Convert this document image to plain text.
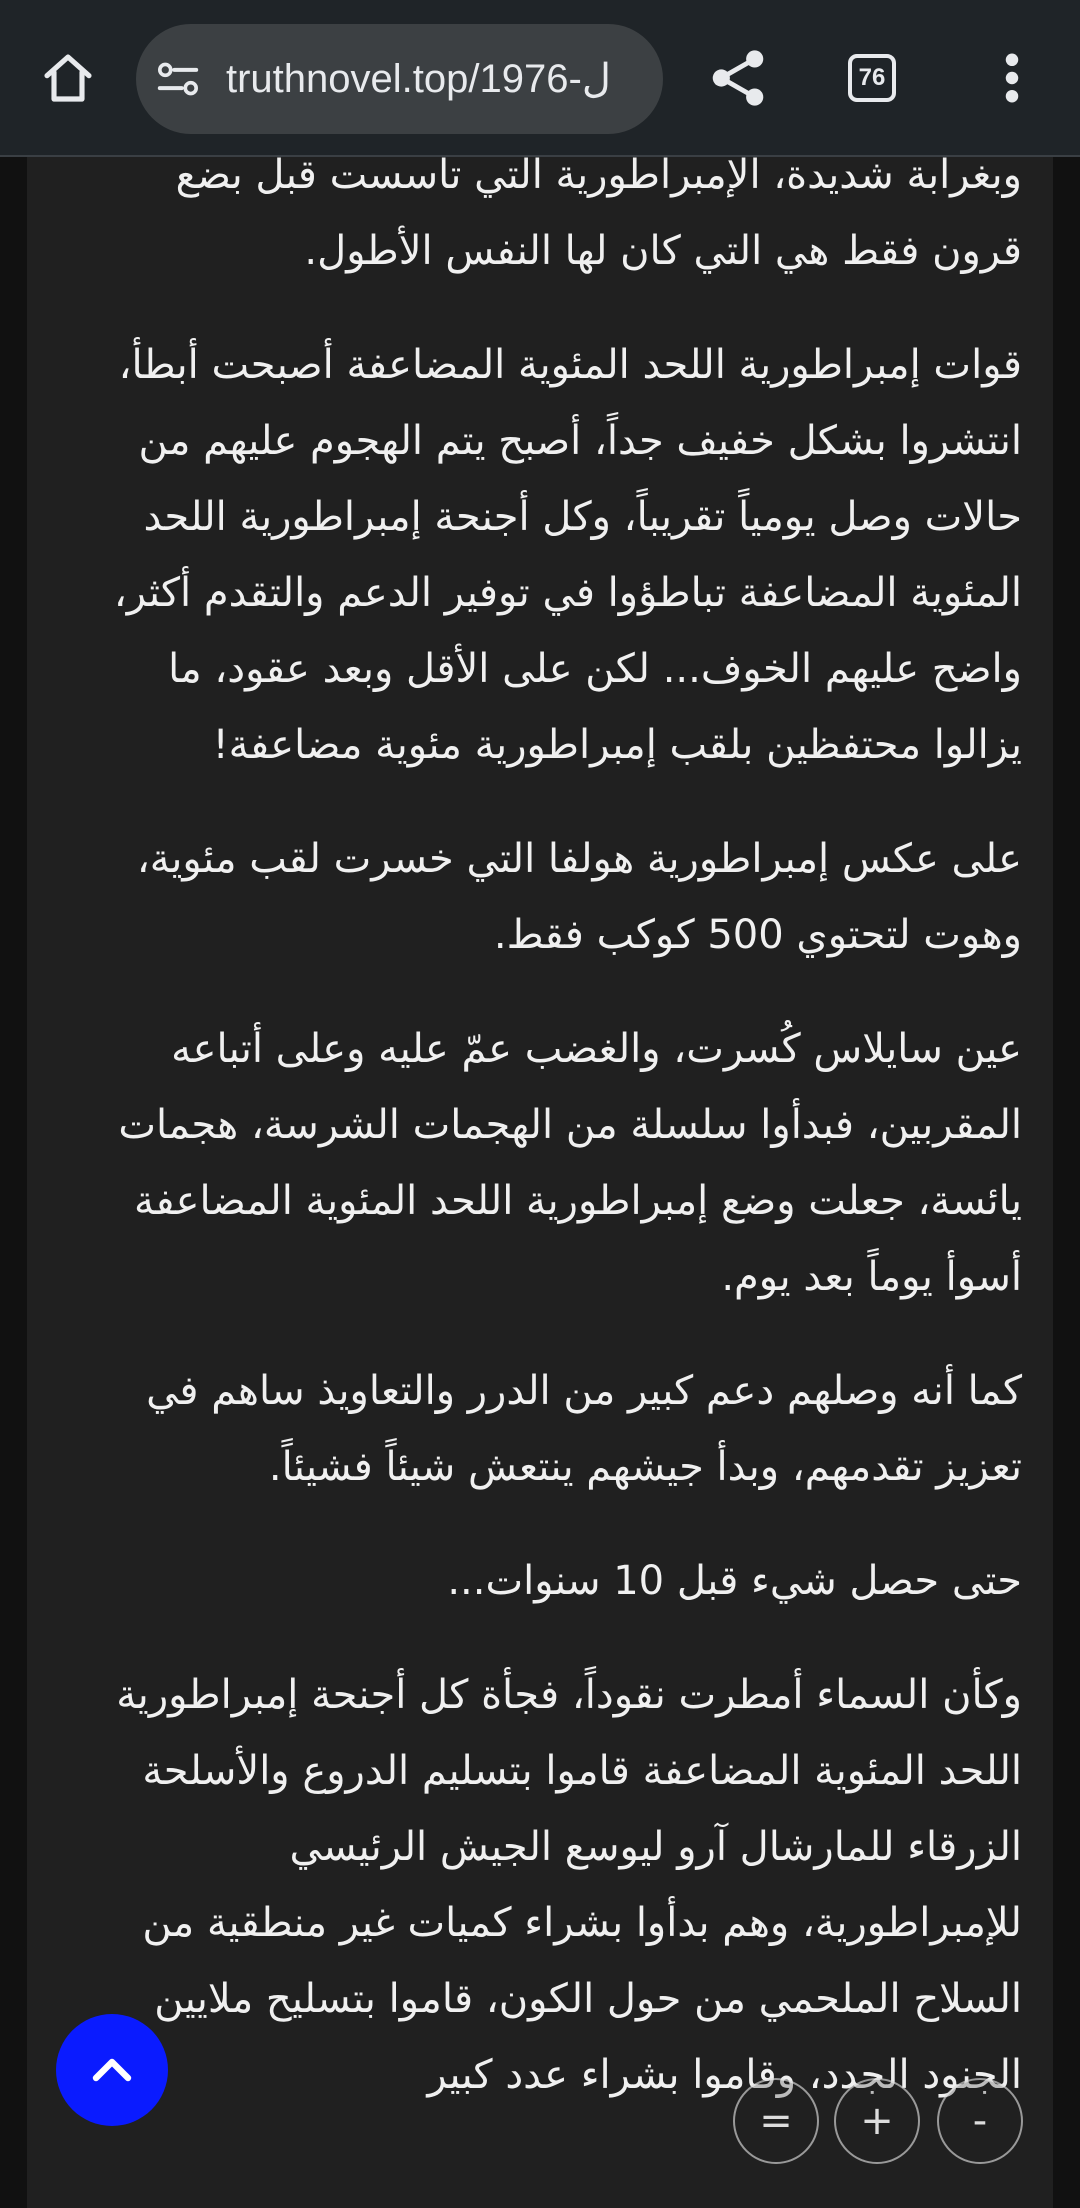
truthnovel.top/1976-ل	76

وبغرابة شديدة، الإمبراطورية التي تاسست قبل بضع قرون فقط هي التي كان لها النفس الأطول.

قوات إمبراطورية اللحد المئوية المضاعفة أصبحت أبطأ، انتشروا بشكل خفيف جداً، أصبح يتم الهجوم عليهم من حالات وصل يومياً تقريباً، وكل أجنحة إمبراطورية اللحد المئوية المضاعفة تباطؤوا في توفير الدعم والتقدم أكثر، واضح عليهم الخوف... لكن على الأقل وبعد عقود، ما يزالوا محتفظين بلقب إمبراطورية مئوية مضاعفة!

على عكس إمبراطورية هولفا التي خسرت لقب مئوية، وهوت لتحتوي 500 كوكب فقط.

عين سايلاس كُسرت، والغضب عمّ عليه وعلى أتباعه المقربين، فبدأوا سلسلة من الهجمات الشرسة، هجمات يائسة، جعلت وضع إمبراطورية اللحد المئوية المضاعفة أسوأ يوماً بعد يوم.

كما أنه وصلهم دعم كبير من الدرر والتعاويذ ساهم في تعزيز تقدمهم، وبدأ جيشهم ينتعش شيئاً فشيئاً.

حتى حصل شيء قبل 10 سنوات...

وكأن السماء أمطرت نقوداً، فجأة كل أجنحة إمبراطورية اللحد المئوية المضاعفة قاموا بتسليم الدروع والأسلحة الزرقاء للمارشال آرو ليوسع الجيش الرئيسي للإمبراطورية، وهم بدأوا بشراء كميات غير منطقية من السلاح الملحمي من حول الكون، قاموا بتسليح ملايين الجنود الجدد، وقاموا بشراء عدد كبير

=	+	-
